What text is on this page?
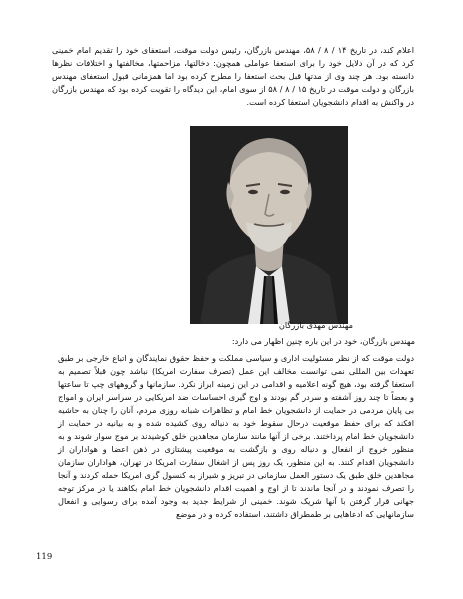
اعلام کند، در تاریخ ۱۴ / ۸ / ۵۸، مهندس بازرگان، رئیس دولت موقت، استعفای خود را تقدیم امام خمینی کرد که در آن دلایل خود را برای استعفا عواملی همچون: دخالتها، مزاحمتها، مخالفتها و اختلافات نظرها دانسته بود. هر چند وی از مدتها قبل بحث استعفا را مطرح کرده بود اما همزمانی قبول استعفای مهندس بازرگان و دولت موقت در تاریخ ۱۵ / ۸ / ۵۸ از سوی امام، این دیدگاه را تقویت کرده بود که مهندس بازرگان در واکنش به اقدام دانشجویان استعفا کرده است.
مهندس مهدی بازرگان
مهندس بازرگان، خود در این باره چنین اظهار می دارد:
دولت موقت که از نظر مسئولیت اداری و سیاسی مملکت و حفظ حقوق نمایندگان و اتباع خارجی بر طبق تعهدات بین المللی نمی توانست مخالف این عمل (تصرف سفارت امریکا) نباشد چون قبلاً تصمیم به استعفا گرفته بود، هیچ گونه اعلامیه و اقدامی در این زمینه ابراز نکرد. سازمانها و گروههای چپ تا ساعتها و بعضاً تا چند روز آشفته و سردر گم بودند و اوج گیری احساسات ضد امریکایی در سراسر ایران و امواج بی پایان مردمی در حمایت از دانشجویان خط امام و تظاهرات شبانه روزی مردم، آنان را چنان به حاشیه افکند که برای حفظ موقعیت درحال سقوط خود به دنباله روی کشیده شده و به بیانیه در حمایت از دانشجویان خط امام پرداختند. برخی از آنها مانند سازمان مجاهدین خلق کوشیدند بر موج سوار شوند و به منظور خروج از انفعال و دنباله روی و بازگشت به موقعیت پیشتازی در ذهن اعضا و هواداران از دانشجویان اقدام کنند. به این منظور، یک روز پس از اشغال سفارت امریکا در تهران، هواداران سازمان مجاهدین خلق طبق یک دستور العمل سازمانی در تبریز و شیراز به کنسول گری امریکا حمله کردند و آنجا را تصرف نمودند و در آنجا ماندند تا از اوج و اهمیت اقدام دانشجویان خط امام بکاهند یا در مرکز توجه جهانی قرار گرفتن با آنها شریک شوند. خمینی از شرایط جدید به وجود آمده برای رسوایی و انفعال سازمانهایی که ادعاهایی بر طمطراق داشتند، استفاده کرده و در موضع
119
